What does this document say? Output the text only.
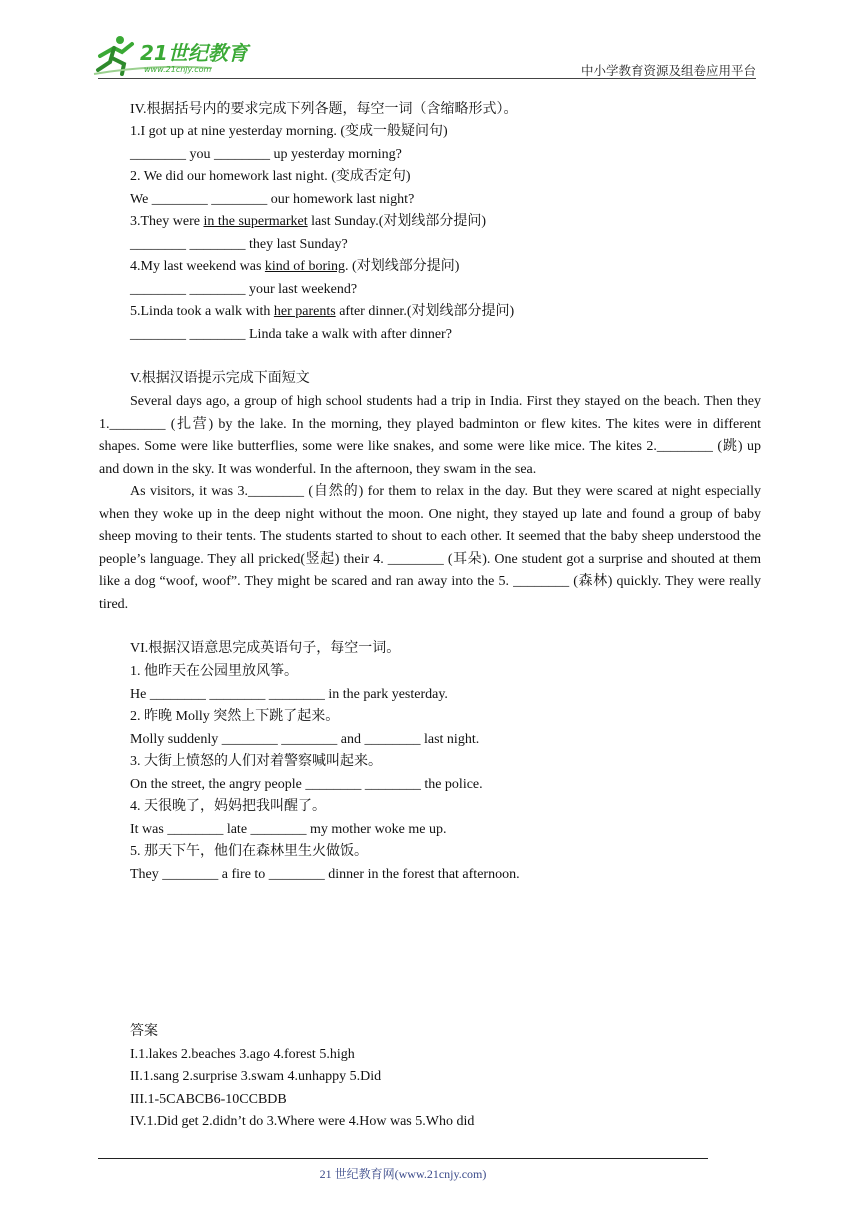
21世纪教育
www.21cnjy.com	中小学教育资源及组卷应用平台
IV.根据括号内的要求完成下列各题，每空一词（含缩略形式）。
1.I got up at nine yesterday morning. (变成一般疑问句)
________ you ________ up yesterday morning?
2. We did our homework last night. (变成否定句)
We ________ ________ our homework last night?
3.They were in the supermarket last Sunday.(对划线部分提问)
________ ________ they last Sunday?
4.My last weekend was kind of boring. (对划线部分提问)
________ ________ your last weekend?
5.Linda took a walk with her parents after dinner.(对划线部分提问)
________ ________ Linda take a walk with after dinner?
V.根据汉语提示完成下面短文
Several days ago, a group of high school students had a trip in India. First they stayed on the beach. Then they 1.________ (扎营) by the lake. In the morning, they played badminton or flew kites. The kites were in different shapes. Some were like butterflies, some were like snakes, and some were like mice. The kites 2.________ (跳) up and down in the sky. It was wonderful. In the afternoon, they swam in the sea.
As visitors, it was 3.________ (自然的) for them to relax in the day. But they were scared at night especially when they woke up in the deep night without the moon. One night, they stayed up late and found a group of baby sheep moving to their tents. The students started to shout to each other. It seemed that the baby sheep understood the people’s language. They all pricked(竖起) their 4. ________ (耳朵). One student got a surprise and shouted at them like a dog “woof, woof”. They might be scared and ran away into the 5. ________ (森林) quickly. They were really tired.
VI.根据汉语意思完成英语句子，每空一词。
1. 他昨天在公园里放风筝。
He ________ ________ ________ in the park yesterday.
2. 昨晚 Molly 突然上下跳了起来。
Molly suddenly ________ ________ and ________ last night.
3. 大街上愤怒的人们对着警察喊叫起来。
On the street, the angry people ________ ________ the police.
4. 天很晚了，妈妈把我叫醒了。
It was ________ late ________ my mother woke me up.
5. 那天下午，他们在森林里生火做饭。
They ________ a fire to ________ dinner in the forest that afternoon.
答案
I.1.lakes 2.beaches 3.ago 4.forest 5.high
II.1.sang 2.surprise 3.swam 4.unhappy 5.Did
III.1-5CABCB6-10CCBDB
IV.1.Did get 2.didn’t do 3.Where were 4.How was 5.Who did
21 世纪教育网(www.21cnjy.com)
